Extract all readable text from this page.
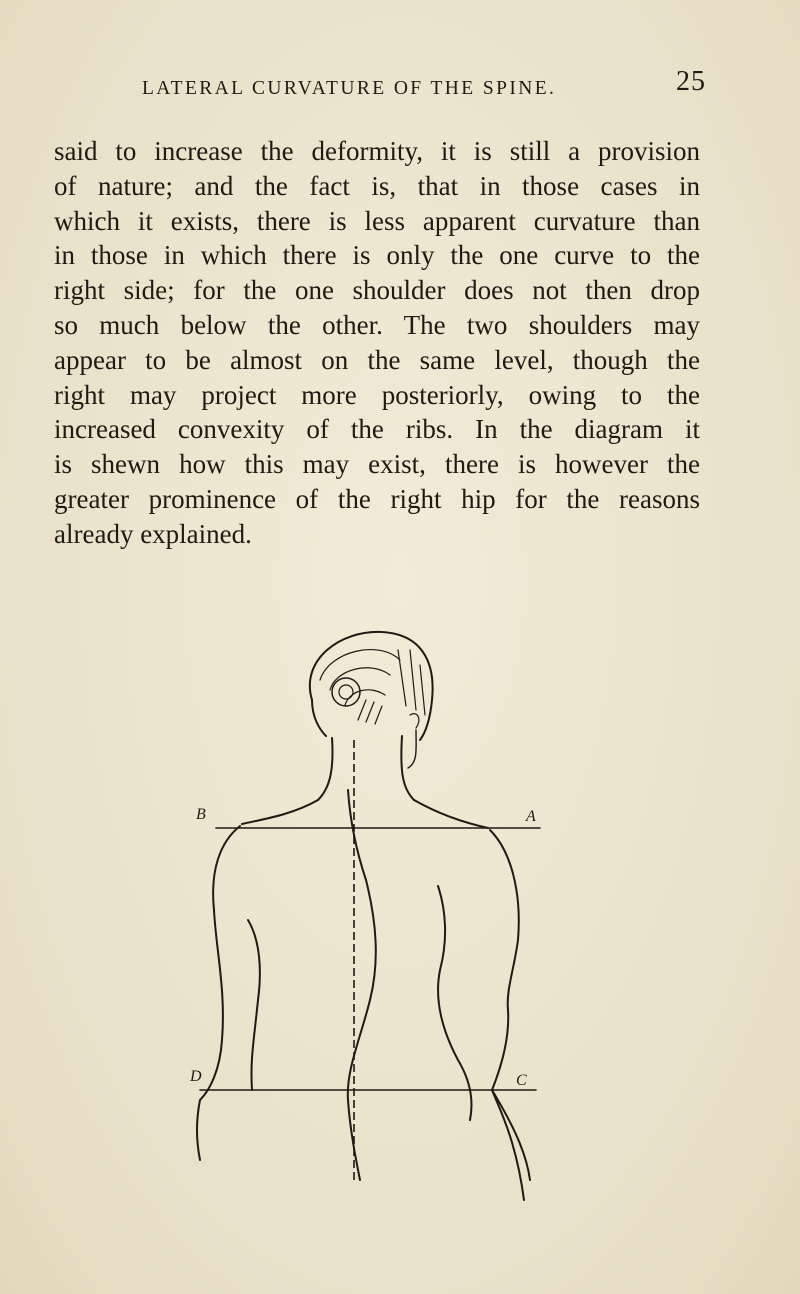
LATERAL CURVATURE OF THE SPINE.	25
said to increase the deformity, it is still a provision
of nature; and the fact is, that in those cases in
which it exists, there is less apparent curvature than
in those in which there is only the one curve to the
right side; for the one shoulder does not then drop
so much below the other. The two shoulders may
appear to be almost on the same level, though the
right may project more posteriorly, owing to the
increased convexity of the ribs. In the diagram it
is shewn how this may exist, there is however the
greater prominence of the right hip for the reasons
already explained.
B	A
D	C
